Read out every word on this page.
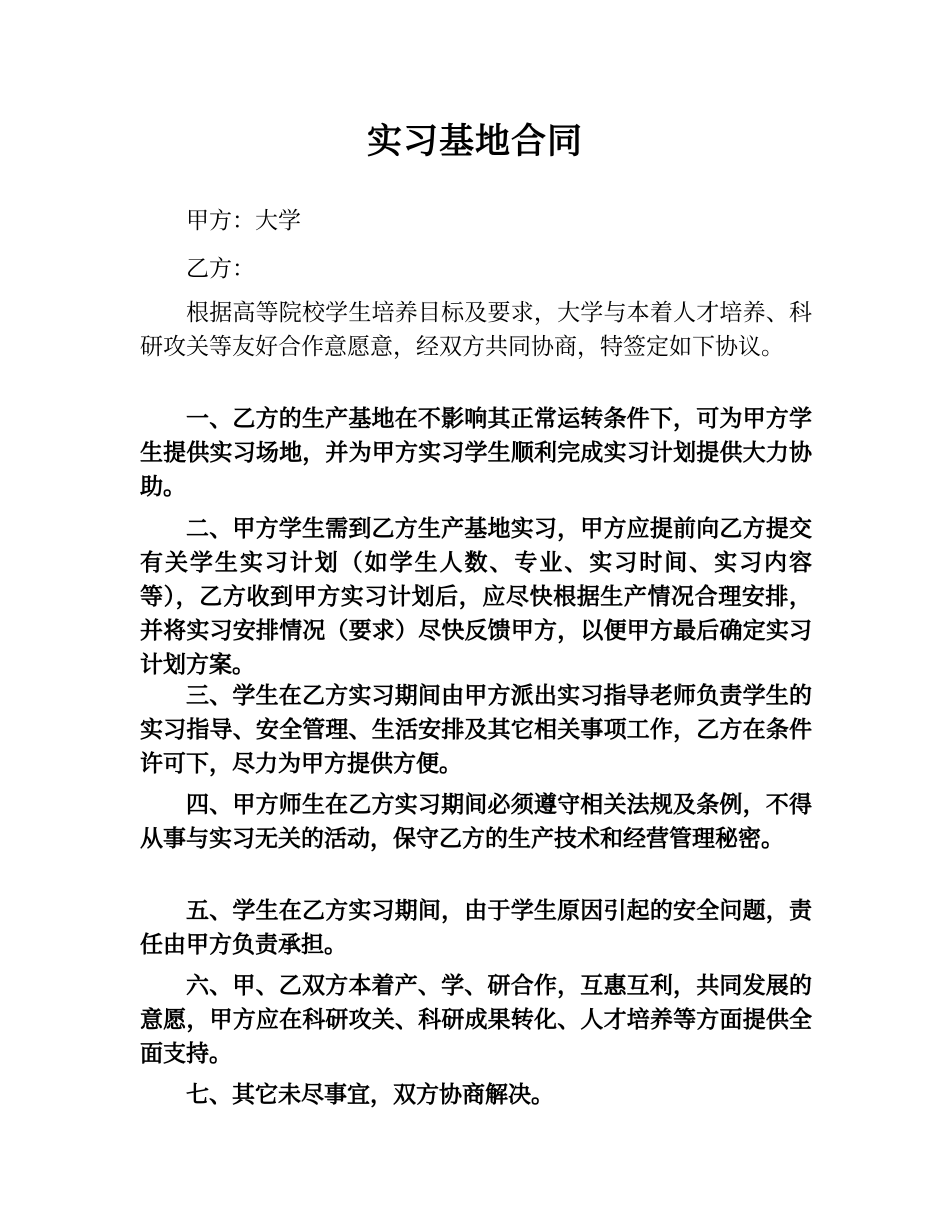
实习基地合同

甲方：大学

乙方：

根据高等院校学生培养目标及要求，大学与本着人才培养、科研攻关等友好合作意愿意，经双方共同协商，特签定如下协议。

一、乙方的生产基地在不影响其正常运转条件下，可为甲方学生提供实习场地，并为甲方实习学生顺利完成实习计划提供大力协助。

二、甲方学生需到乙方生产基地实习，甲方应提前向乙方提交有关学生实习计划（如学生人数、专业、实习时间、实习内容等），乙方收到甲方实习计划后，应尽快根据生产情况合理安排，并将实习安排情况（要求）尽快反馈甲方，以便甲方最后确定实习计划方案。

三、学生在乙方实习期间由甲方派出实习指导老师负责学生的实习指导、安全管理、生活安排及其它相关事项工作，乙方在条件许可下，尽力为甲方提供方便。

四、甲方师生在乙方实习期间必须遵守相关法规及条例，不得从事与实习无关的活动，保守乙方的生产技术和经营管理秘密。

五、学生在乙方实习期间，由于学生原因引起的安全问题，责任由甲方负责承担。

六、甲、乙双方本着产、学、研合作，互惠互利，共同发展的意愿，甲方应在科研攻关、科研成果转化、人才培养等方面提供全面支持。

七、其它未尽事宜，双方协商解决。
